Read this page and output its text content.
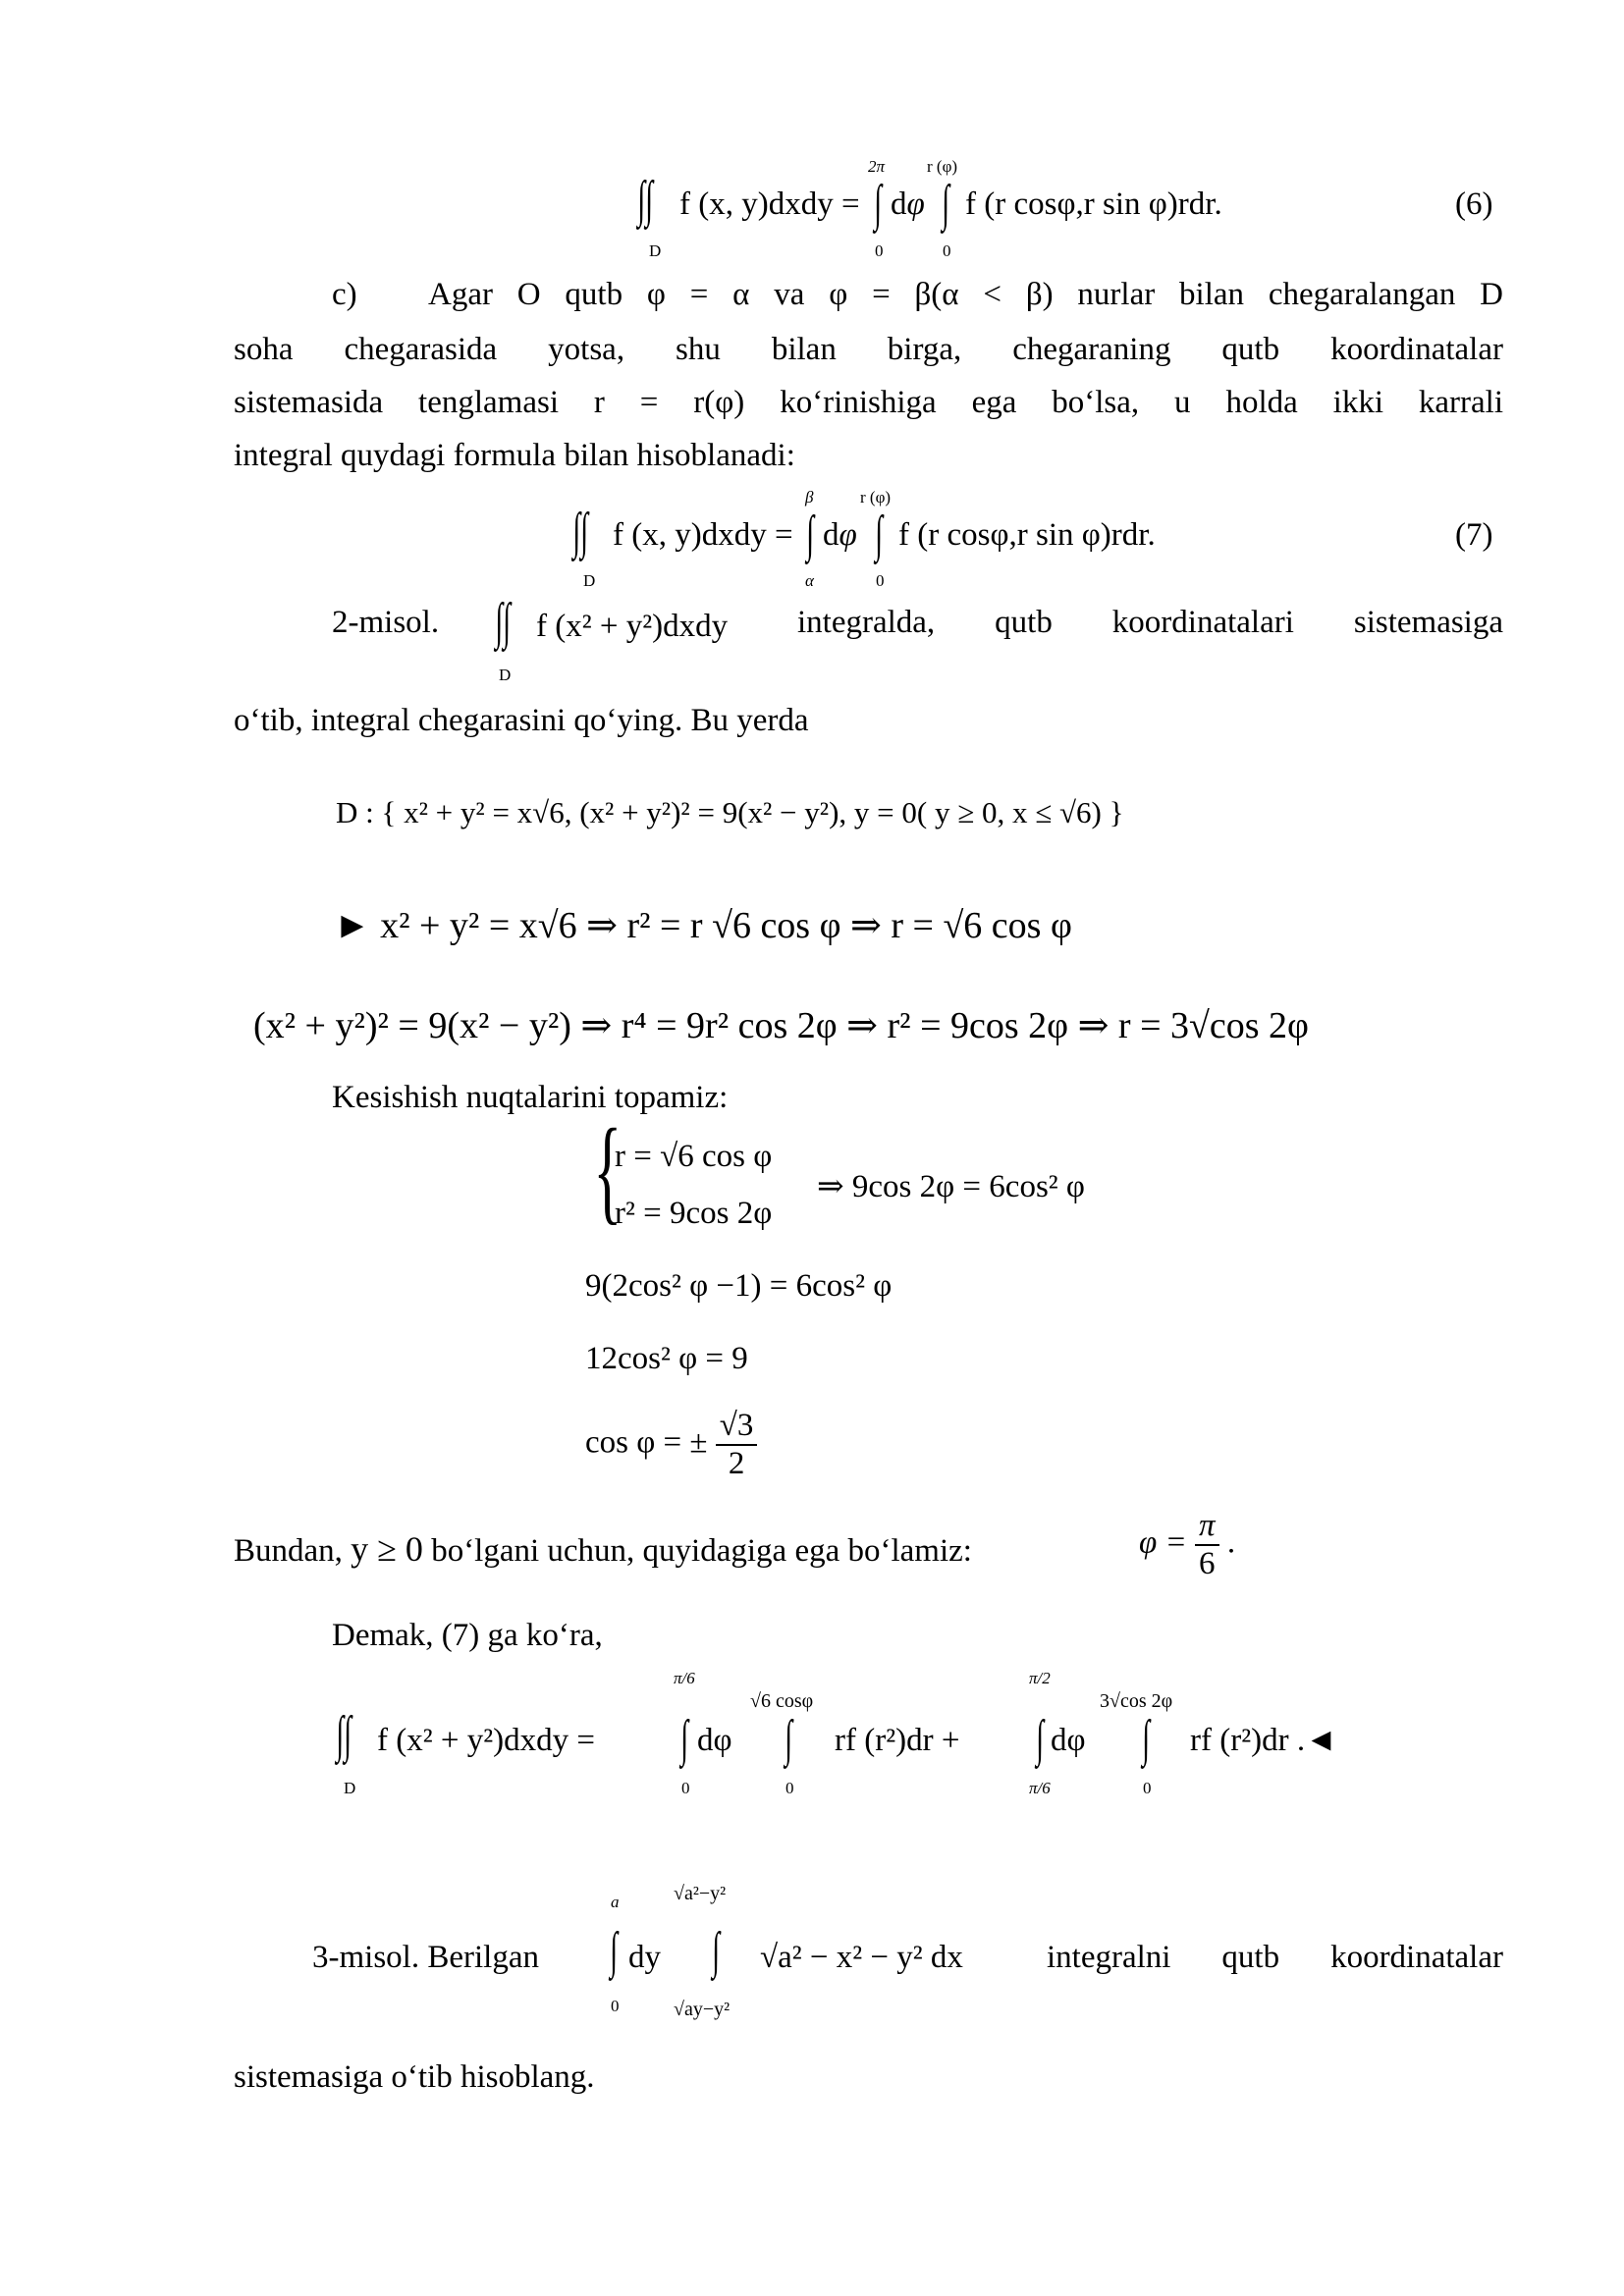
∫∫
D
f (x, y)dxdy =
2π
∫
0
dφ
r (φ)
∫
0
f (r cosφ,r sin φ)rdr.	(6)
c) Agar O qutb φ = α va φ = β(α < β) nurlar bilan chegaralangan D
soha chegarasida yotsa, shu bilan birga, chegaraning qutb koordinatalar
sistemasida tenglamasi r = r(φ) ko‘rinishiga ega bo‘lsa, u holda ikki karrali
integral quydagi formula bilan hisoblanadi:
∫∫
D
f (x, y)dxdy =
β
∫
α
dφ
r (φ)
∫
0
f (r cosφ,r sin φ)rdr.	(7)
2-misol. ∫∫
D
f (x² + y²)dxdy integralda, qutb koordinatalari sistemasiga
o‘tib, integral chegarasini qo‘ying. Bu yerda
D : { x² + y² = x√6, (x² + y²)² = 9(x² − y²), y = 0( y ≥ 0, x ≤ √6) }
► x² + y² = x√6 ⇒ r² = r √6 cos φ ⇒ r = √6 cos φ
(x² + y²)² = 9(x² − y²) ⇒ r⁴ = 9r² cos 2φ ⇒ r² = 9cos 2φ ⇒ r = 3√cos 2φ
Kesishish nuqtalarini topamiz:
{
r = √6 cos φ
r² = 9cos 2φ
⇒ 9cos 2φ = 6cos² φ
9(2cos² φ −1) = 6cos² φ
12cos² φ = 9
cos φ = ± $\frac{√3}{2}$
Bundan, y ≥ 0 bo‘lgani uchun, quyidagiga ega bo‘lamiz:	$\varphi = \frac{\pi}{6}$ .
Demak, (7) ga ko‘ra,
∫∫
D
f (x² + y²)dxdy =
π/6
∫
0
dφ
√6 cosφ
∫
0
rf (r²)dr +
π/2
∫
π/6
dφ
3√cos 2φ
∫
0
rf (r²)dr .◄
3-misol. Berilgan
a
∫
0
dy
√a²−y²
∫
√ay−y²
√a² − x² − y² dx	integralni qutb koordinatalar
sistemasiga o‘tib hisoblang.
